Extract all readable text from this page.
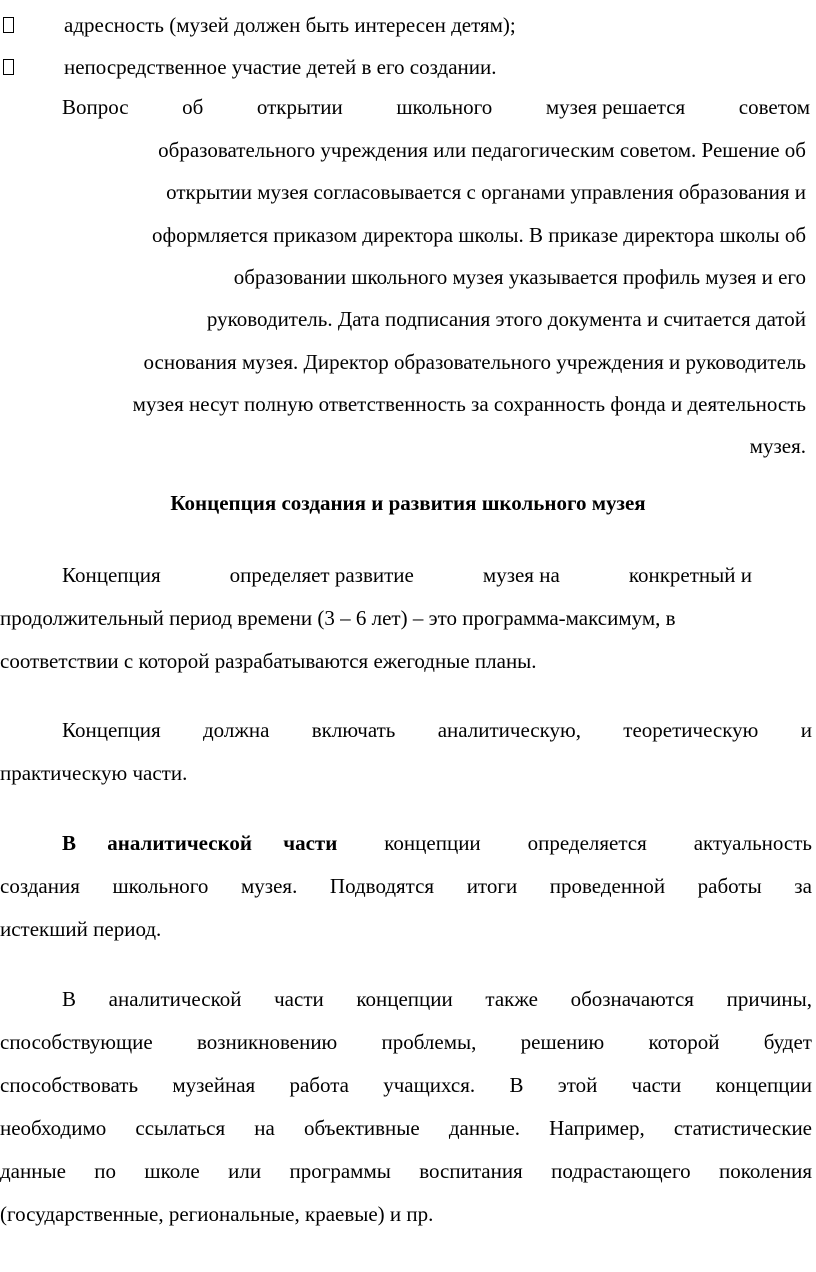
адресность (музей должен быть интересен детям);
непосредственное участие детей в его создании.
Вопрос	об	открытии	школьного	музея решается	советом
образовательного учреждения или педагогическим советом. Решение об
открытии музея согласовывается с органами управления образования и
оформляется приказом директора школы. В приказе директора школы об
образовании школьного музея указывается профиль музея и его
руководитель. Дата подписания этого документа и считается датой
основания музея. Директор образовательного учреждения и руководитель
музея несут полную ответственность за сохранность фонда и деятельность
музея.
Концепция создания и развития школьного музея
Концепция	определяет развитие	музея на	конкретный и
продолжительный период времени (3 – 6 лет) – это программа-максимум, в
соответствии с которой разрабатываются ежегодные планы.
Концепция должна включать аналитическую, теоретическую и
практическую части.
В аналитической части концепции определяется актуальность
создания школьного музея. Подводятся итоги проведенной работы за
истекший период.
В аналитической части концепции также обозначаются причины,
способствующие возникновению проблемы, решению которой будет
способствовать музейная работа учащихся. В этой части концепции
необходимо ссылаться на объективные данные. Например, статистические
данные по школе или программы воспитания подрастающего поколения
(государственные, региональные, краевые) и пр.
